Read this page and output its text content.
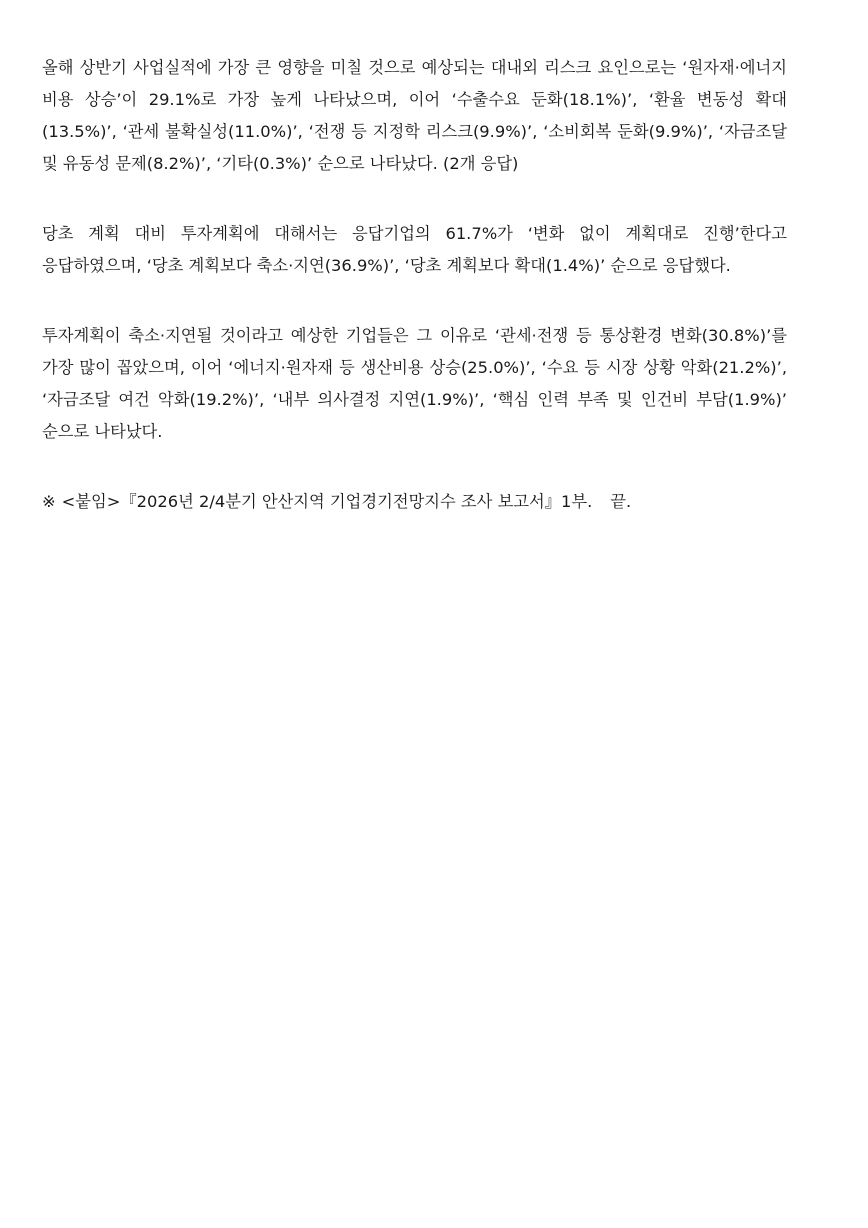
올해 상반기 사업실적에 가장 큰 영향을 미칠 것으로 예상되는 대내외 리스크 요인으로는 ‘원자재·에너지 비용 상승’이 29.1%로 가장 높게 나타났으며, 이어 ‘수출수요 둔화(18.1%)’, ‘환율 변동성 확대(13.5%)’, ‘관세 불확실성(11.0%)’, ‘전쟁 등 지정학 리스크(9.9%)’, ‘소비회복 둔화(9.9%)’, ‘자금조달 및 유동성 문제(8.2%)’, ‘기타(0.3%)’ 순으로 나타났다. (2개 응답)

당초 계획 대비 투자계획에 대해서는 응답기업의 61.7%가 ‘변화 없이 계획대로 진행’한다고 응답하였으며, ‘당초 계획보다 축소·지연(36.9%)’, ‘당초 계획보다 확대(1.4%)’ 순으로 응답했다.

투자계획이 축소·지연될 것이라고 예상한 기업들은 그 이유로 ‘관세·전쟁 등 통상환경 변화(30.8%)’를 가장 많이 꼽았으며, 이어 ‘에너지·원자재 등 생산비용 상승(25.0%)’, ‘수요 등 시장 상황 악화(21.2%)’, ‘자금조달 여건 악화(19.2%)’, ‘내부 의사결정 지연(1.9%)’, ‘핵심 인력 부족 및 인건비 부담(1.9%)’ 순으로 나타났다.

※ <붙임>『2026년 2/4분기 안산지역 기업경기전망지수 조사 보고서』1부. 끝.
